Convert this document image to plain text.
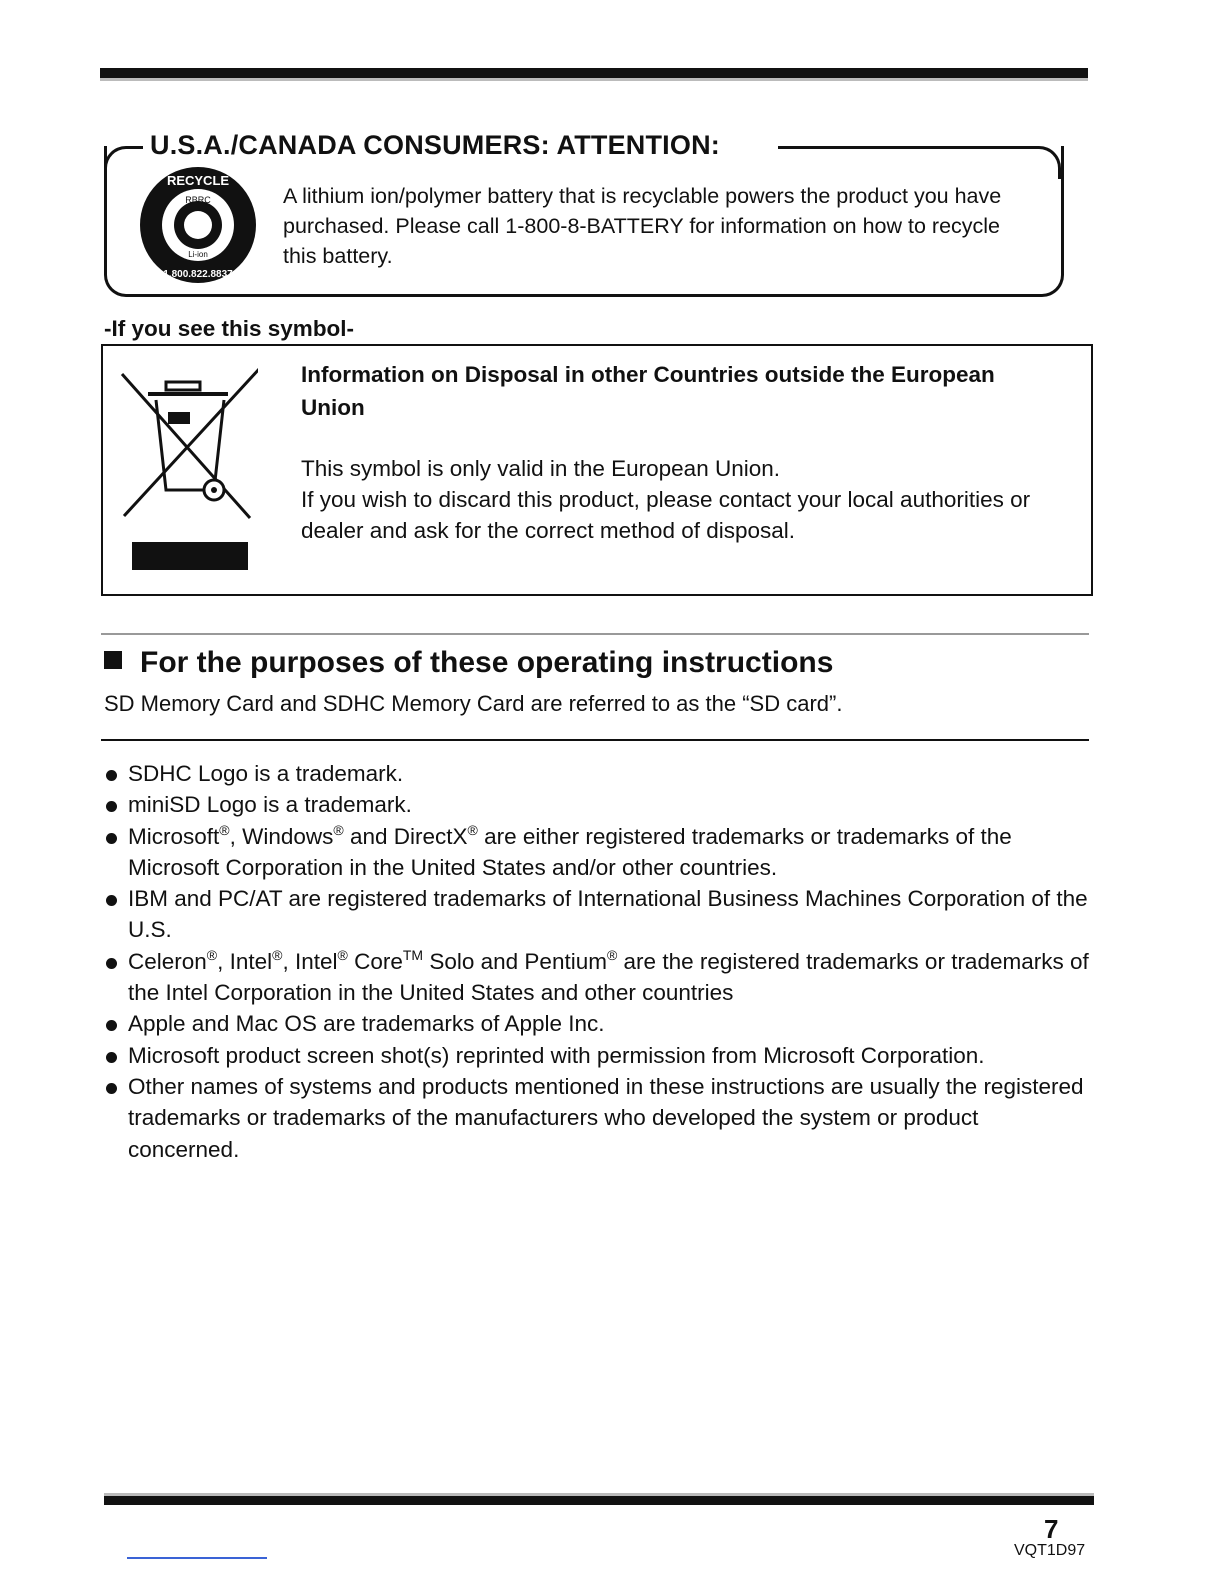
U.S.A./CANADA CONSUMERS: ATTENTION:
RECYCLE
RBRC
Li-ion
1.800.822.8837
A lithium ion/polymer battery that is recyclable powers the product you have purchased. Please call 1-800-8-BATTERY for information on how to recycle this battery.
-If you see this symbol-
Information on Disposal in other Countries outside the European Union
This symbol is only valid in the European Union.
If you wish to discard this product, please contact your local authorities or dealer and ask for the correct method of disposal.
For the purposes of these operating instructions
SD Memory Card and SDHC Memory Card are referred to as the “SD card”.
SDHC Logo is a trademark.
miniSD Logo is a trademark.
Microsoft®, Windows® and DirectX® are either registered trademarks or trademarks of the Microsoft Corporation in the United States and/or other countries.
IBM and PC/AT are registered trademarks of International Business Machines Corporation of the U.S.
Celeron®, Intel®, Intel® Core™ Solo and Pentium® are the registered trademarks or trademarks of the Intel Corporation in the United States and other countries
Apple and Mac OS are trademarks of Apple Inc.
Microsoft product screen shot(s) reprinted with permission from Microsoft Corporation.
Other names of systems and products mentioned in these instructions are usually the registered trademarks or trademarks of the manufacturers who developed the system or product concerned.
7
VQT1D97
